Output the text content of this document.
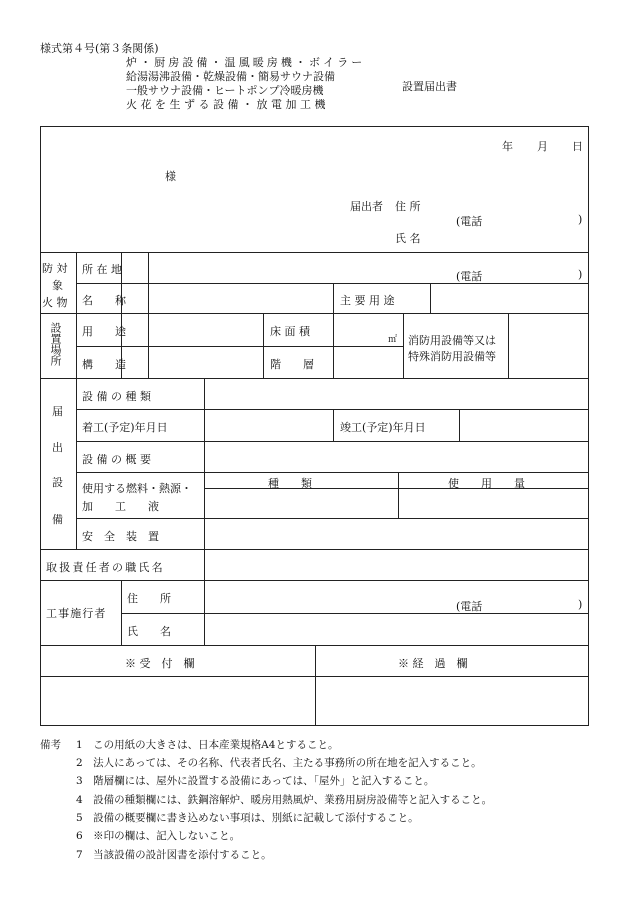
様式第４号(第３条関係)
炉・厨房設備・温風暖房機・ボイラー
給湯湯沸設備・乾燥設備・簡易サウナ設備
一般サウナ設備・ヒートポンプ冷暖房機
火 花 を 生 ず る 設 備 ・ 放 電 加 工 機
設置届出書
年 月 日
様
届出者 住 所
(電話	)
氏 名
防 対
象
火 物
所 在 地
(電話	)
名　　称	主 要 用 途
設置場所 用　　途	床 面 積
㎡ 消防用設備等又は
特殊消防用設備等
構　　造	階　　層
届
出
設
備
設 備 の 種 類
着工(予定)年月日	竣工(予定)年月日
設 備 の 概 要
使用する燃料・熱源・
加　　工　　液
種　　類	使　　用　　量
安　全　装　置
取扱責任者の職氏名
工事施行者
住　　所
(電話	)
氏　　名
※ 受　付　欄	※ 経　過　欄
備考 1　この用紙の大きさは、日本産業規格A4とすること。
2　法人にあっては、その名称、代表者氏名、主たる事務所の所在地を記入すること。
3　階層欄には、屋外に設置する設備にあっては、「屋外」と記入すること。
4　設備の種類欄には、鉄鋼溶解炉、暖房用熱風炉、業務用厨房設備等と記入すること。
5　設備の概要欄に書き込めない事項は、別紙に記載して添付すること。
6　※印の欄は、記入しないこと。
7　当該設備の設計図書を添付すること。
